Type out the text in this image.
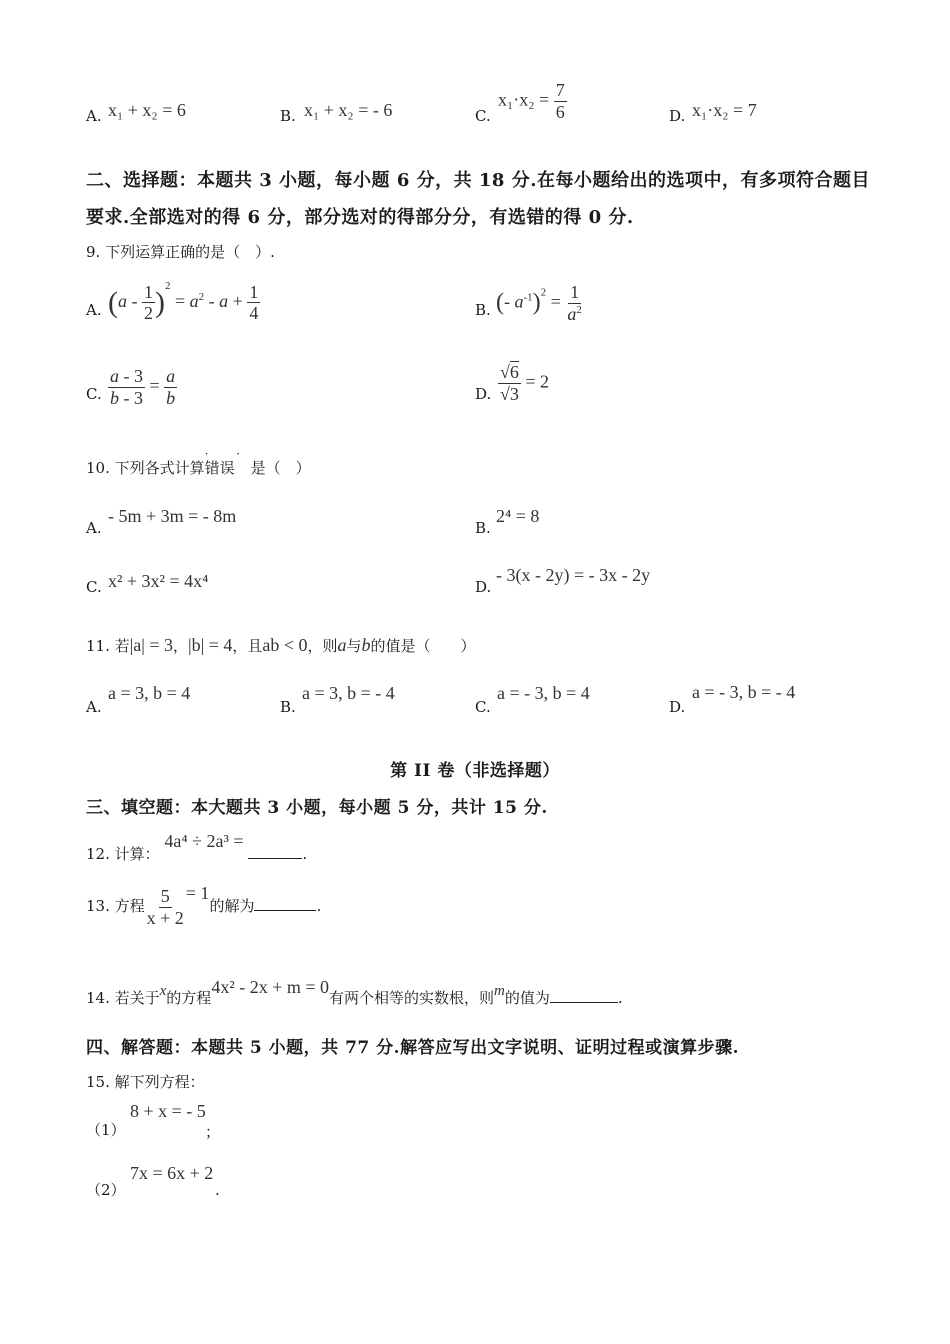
A. x₁ + x₂ = 6	B. x₁ + x₂ = - 6	C.
$x_1\cdot x_2 = \frac{7}{6}$	D. x₁·x₂ = 7
二、选择题：本题共 3 小题，每小题 6 分，共 18 分.在每小题给出的选项中，有多项符合题目
要求.全部选对的得 6 分，部分选对的得部分分，有选错的得 0 分.
9. 下列运算正确的是（　）.
A. $(a - \frac{1}{2} )^2 = a^2 - a + \frac{1}{4}$	B. (- $a^{-1})^2 = \frac{1}{a^2}$
C. $\frac{a - 3}{b - 3} = \frac{a}{b}$	D. $\frac{√6}{√3} = 2$
10. 下列各式计算
· ·
错误 是（　）
A.
- 5m + 3m = - 8m
B.
2⁴ = 8
C. x² + 3x² = 4x⁴	D.
- 3(x - 2y) = - 3x - 2y
11. 若|a| = 3，|b| = 4，且ab < 0，则a与b的值是（　　）
A.
a = 3, b = 4
B.
a = 3, b = - 4
C.
a = - 3, b = 4
D.
a = - 3, b = - 4
第 II 卷（非选择题）
三、填空题：本大题共 3 小题，每小题 5 分，共计 15 分.
12. 计算： 4a⁴ ÷ 2a³ = .
13. 方程 $\frac{5}{x + 2} = 1$的解为	.
14. 若关于x的方程4x² - 2x + m = 0有两个相等的实数根，则m的值为	.
四、解答题：本题共 5 小题，共 77 分.解答应写出文字说明、证明过程或演算步骤.
15. 解下列方程：
（1）
8 + x = - 5
；
（2）
7x = 6x + 2
.
